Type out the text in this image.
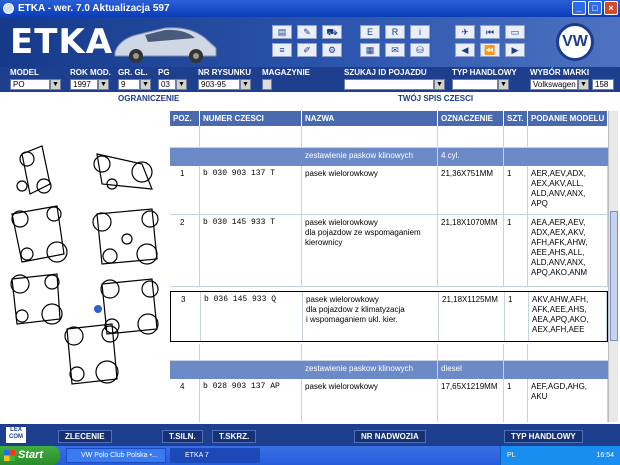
ETKA - wer. 7.0 Aktualizacja 597	_	□	×
ETKA	▤	✎	⛟
≡	✐	⚙
E	R	i
▦	✉	⛁
✈	⏮	▭
◀	⏪	▶	VW
MODEL
PO	▼
ROK MOD.
1997	▼
GR. GL.
9	▼
PG
03	▼
NR RYSUNKU
903-95	▼
MAGAZYNIE	SZUKAJ ID POJAZDU
▼
TYP HANDLOWY
▼
WYBÓR MARKI
Volkswagen ▼	158
OGRANICZENIE	TWÓJ SPIS CZESCI
POZ.	NUMER CZESCI	NAZWA	OZNACZENIE	SZT. PODANIE MODELU
zestawienie paskow klinowych	4 cyl.
1	b 030 903 137 T	pasek wielorowkowy	21,36X751MM	1	AER,AEV,ADX,
AEX,AKV,ALL,
ALD,ANV,ANX,
APQ
2	b 030 145 933 T	pasek wielorowkowy
dla pojazdow ze wspomaganiem
kierownicy
21,18X1070MM	1	AEA,AER,AEV,
ADX,AEX,AKV,
AFH,AFK,AHW,
AEE,AHS,ALL,
ALD,ANV,ANX,
APQ,AKO,ANM
3	b 036 145 933 Q	pasek wielorowkowy
dla pojazdow z klimatyzacja
i wspomaganiem ukl. kier.
21,18X1125MM	1	AKV,AHW,AFH,
AFK,AEE,AHS,
AEA,APQ,AKO,
AEX,AFH,AEE
zestawienie paskow klinowych	diesel
4	b 028 903 137 AP	pasek wielorowkowy	17,65X1219MM	1	AEF,AGD,AHG,
AKU
LEX COM	ZLECENIE	T.SILN.	T.SKRZ.	NR NADWOZIA	TYP HANDLOWY
Start	VW Polo Club Polska •...	ETKA 7	PL	16:54
